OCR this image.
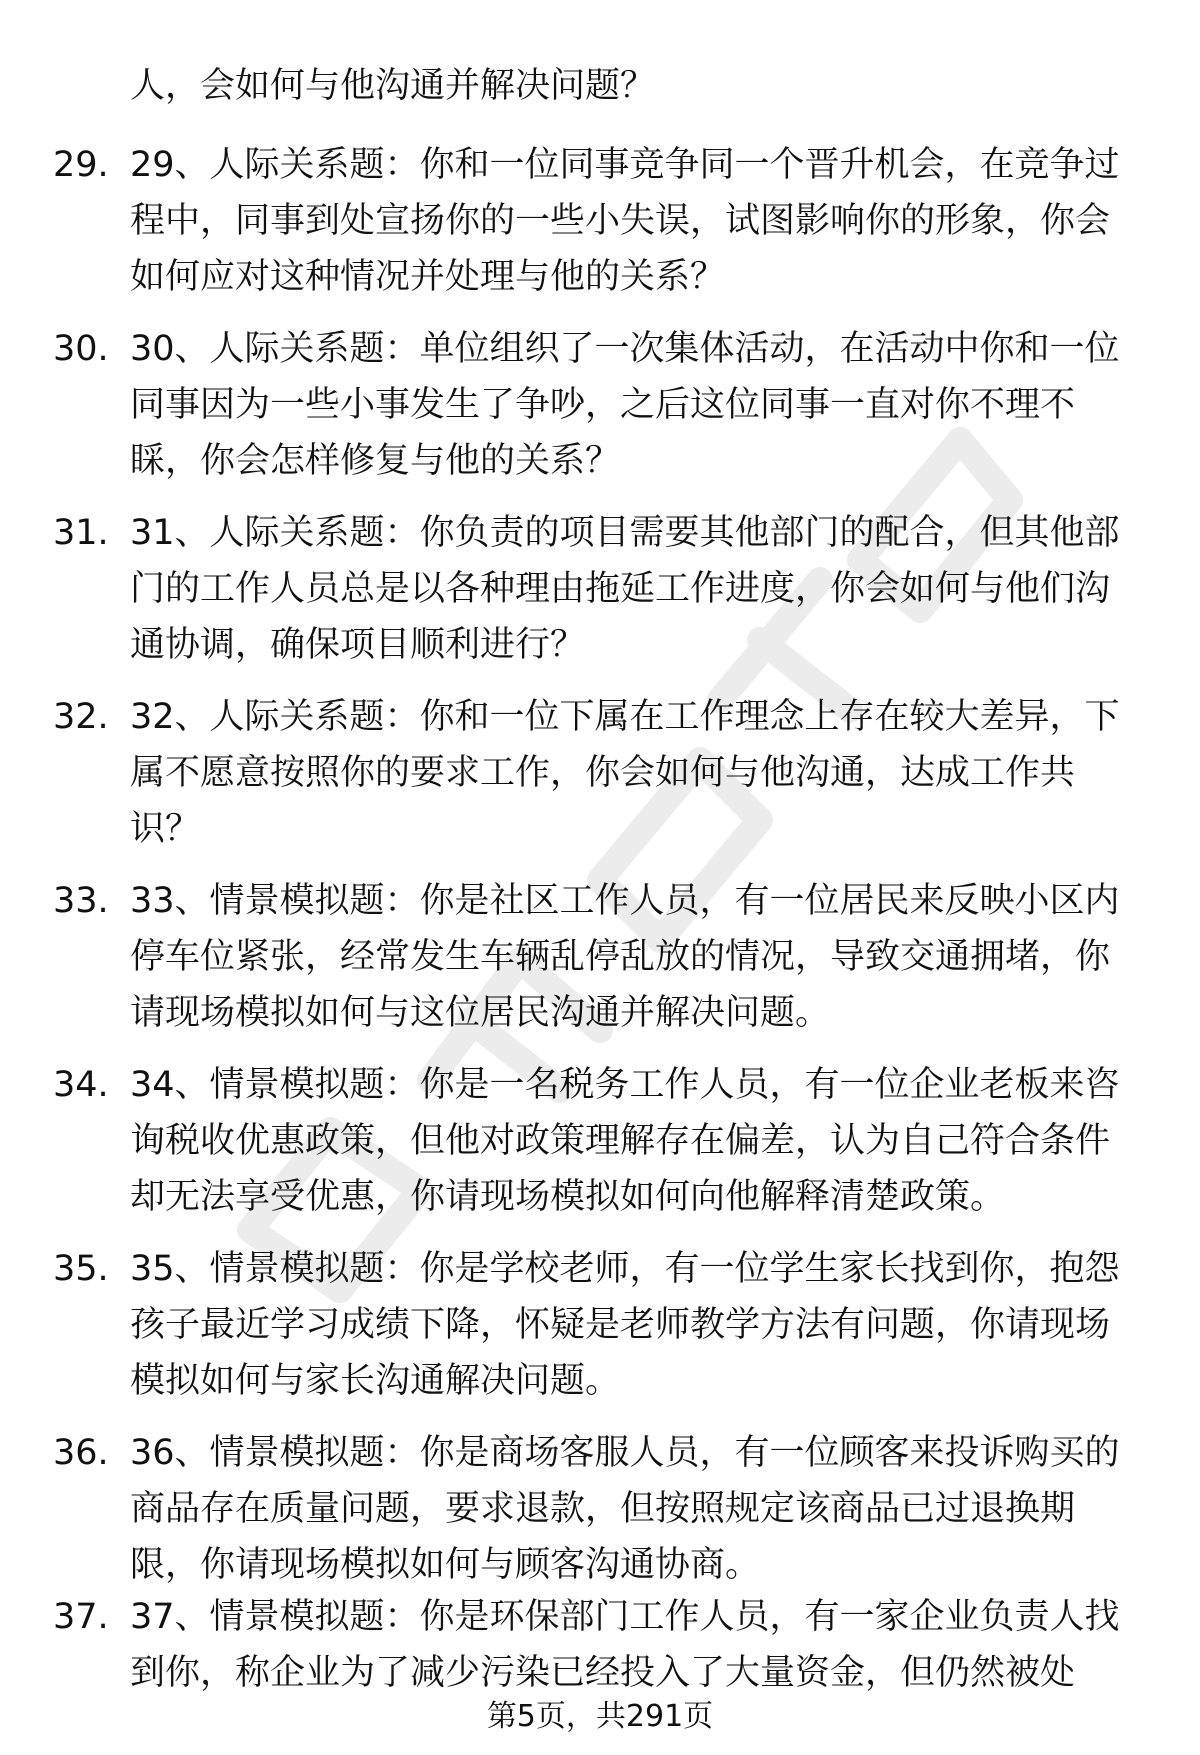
人，会如何与他沟通并解决问题？
29. 29、人际关系题：你和一位同事竞争同一个晋升机会，在竞争过
程中，同事到处宣扬你的一些小失误，试图影响你的形象，你会
如何应对这种情况并处理与他的关系？
30. 30、人际关系题：单位组织了一次集体活动，在活动中你和一位
同事因为一些小事发生了争吵，之后这位同事一直对你不理不
睬，你会怎样修复与他的关系？
31. 31、人际关系题：你负责的项目需要其他部门的配合，但其他部
门的工作人员总是以各种理由拖延工作进度，你会如何与他们沟
通协调，确保项目顺利进行？
32. 32、人际关系题：你和一位下属在工作理念上存在较大差异，下
属不愿意按照你的要求工作，你会如何与他沟通，达成工作共
识？
33. 33、情景模拟题：你是社区工作人员，有一位居民来反映小区内
停车位紧张，经常发生车辆乱停乱放的情况，导致交通拥堵，你
请现场模拟如何与这位居民沟通并解决问题。
34. 34、情景模拟题：你是一名税务工作人员，有一位企业老板来咨
询税收优惠政策，但他对政策理解存在偏差，认为自己符合条件
却无法享受优惠，你请现场模拟如何向他解释清楚政策。
35. 35、情景模拟题：你是学校老师，有一位学生家长找到你，抱怨
孩子最近学习成绩下降，怀疑是老师教学方法有问题，你请现场
模拟如何与家长沟通解决问题。
36. 36、情景模拟题：你是商场客服人员，有一位顾客来投诉购买的
商品存在质量问题，要求退款，但按照规定该商品已过退换期
限，你请现场模拟如何与顾客沟通协商。
37. 37、情景模拟题：你是环保部门工作人员，有一家企业负责人找
到你，称企业为了减少污染已经投入了大量资金，但仍然被处
第5页，共291页
